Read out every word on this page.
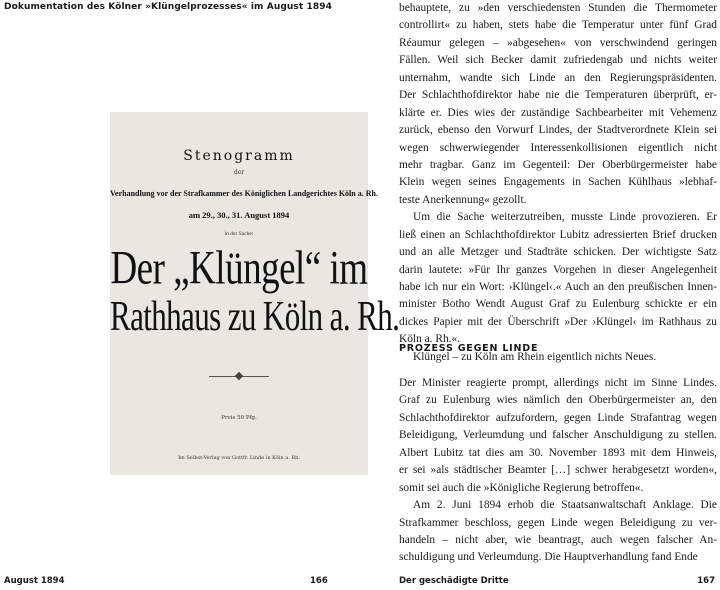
Dokumentation des Kölner »Klüngelprozesses« im August 1894
Stenogramm
der
Verhandlung vor der Strafkammer des Königlichen Landgerichtes Köln a. Rh.
am 29., 30., 31. August 1894
in der Sache:
Der „Klüngel“ im
Rathhaus zu Köln a. Rh.
Preis 50 Pfg.
Im Selbst-Verlag von Gottfr. Linde in Köln a. Rh.
August 1894	166
behauptete, zu »den verschiedensten Stunden die Thermometer
controllirt« zu haben, stets habe die Temperatur unter fünf Grad
Réaumur gelegen – »abgesehen« von verschwindend geringen
Fällen. Weil sich Becker damit zufriedengab und nichts weiter
unternahm, wandte sich Linde an den Regierungspräsidenten.
Der Schlachthofdirektor habe nie die Temperaturen überprüft, er-
klärte er. Dies wies der zuständige Sachbearbeiter mit Vehemenz
zurück, ebenso den Vorwurf Lindes, der Stadtverordnete Klein sei
wegen schwerwiegender Interessenkollisionen eigentlich nicht
mehr tragbar. Ganz im Gegenteil: Der Oberbürgermeister habe
Klein wegen seines Engagements in Sachen Kühlhaus »lebhaf-
teste Anerkennung« gezollt.
Um die Sache weiterzutreiben, musste Linde provozieren. Er
ließ einen an Schlachthofdirektor Lubitz adressierten Brief drucken
und an alle Metzger und Stadträte schicken. Der wichtigste Satz
darin lautete: »Für Ihr ganzes Vorgehen in dieser Angelegenheit
habe ich nur ein Wort: ›Klüngel‹.« Auch an den preußischen Innen-
minister Botho Wendt August Graf zu Eulenburg schickte er ein
dickes Papier mit der Überschrift »Der ›Klüngel‹ im Rathhaus zu
Köln a. Rh.«.
Klüngel – zu Köln am Rhein eigentlich nichts Neues.
PROZESS GEGEN LINDE
Der Minister reagierte prompt, allerdings nicht im Sinne Lindes.
Graf zu Eulenburg wies nämlich den Oberbürgermeister an, den
Schlachthofdirektor aufzufordern, gegen Linde Strafantrag wegen
Beleidigung, Verleumdung und falscher Anschuldigung zu stellen.
Albert Lubitz tat dies am 30. November 1893 mit dem Hinweis,
er sei »als städtischer Beamter […] schwer herabgesetzt worden«,
somit sei auch die »Königliche Regierung betroffen«.
Am 2. Juni 1894 erhob die Staatsanwaltschaft Anklage. Die
Strafkammer beschloss, gegen Linde wegen Beleidigung zu ver-
handeln – nicht aber, wie beantragt, auch wegen falscher An-
schuldigung und Verleumdung. Die Hauptverhandlung fand Ende
Der geschädigte Dritte	167
